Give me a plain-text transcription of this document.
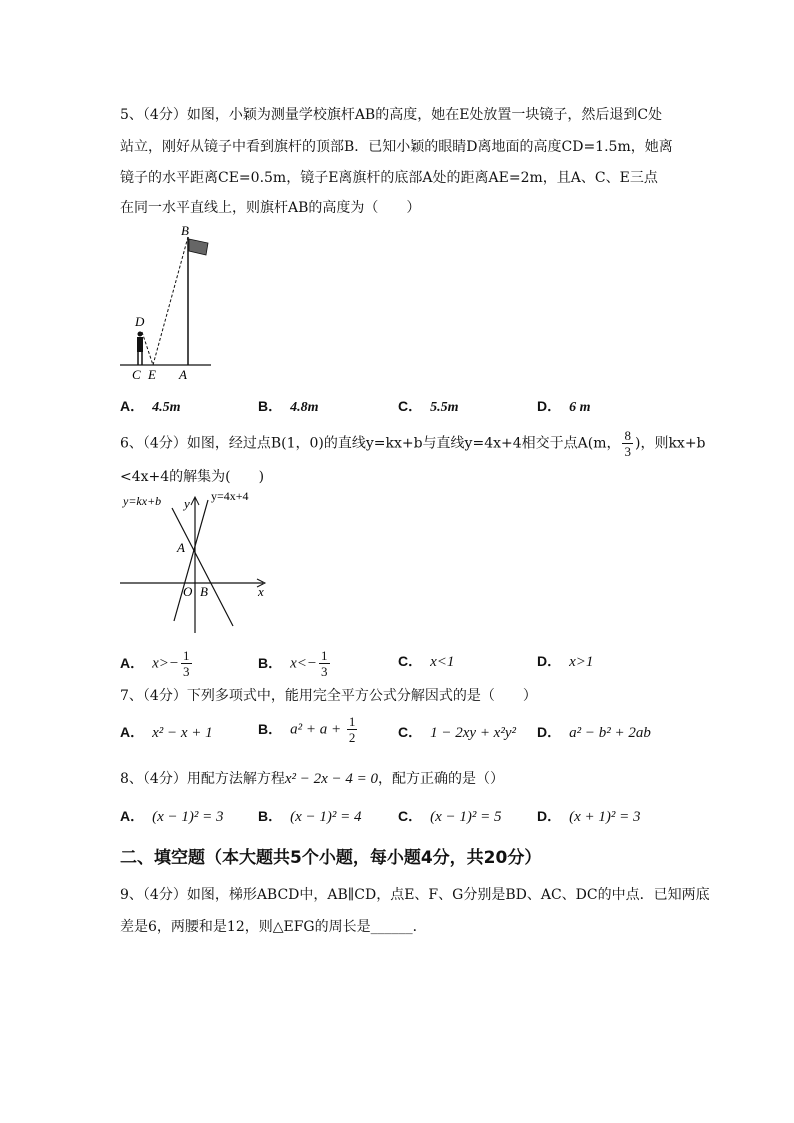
5、（4分）如图，小颖为测量学校旗杆AB的高度，她在E处放置一块镜子，然后退到C处
站立，刚好从镜子中看到旗杆的顶部B．已知小颖的眼睛D离地面的高度CD=1.5m，她离
镜子的水平距离CE=0.5m，镜子E离旗杆的底部A处的距离AE=2m，且A、C、E三点
在同一水平直线上，则旗杆AB的高度为（　　）
B
D
C E A
A． 4.5m	B． 4.8m	C． 5.5m	D． 6 m
6、（4分）如图，经过点B(1，0)的直线y=kx+b与直线y=4x+4相交于点A(m， $\frac{8}{3}$ )，则kx+b
<4x+4的解集为(　　)
y=kx+b y y=4x+4
A
O B	x
A． $x>- \frac{1}{3}$	B． $x<- \frac{1}{3}$	C． x<1	D． x>1
7、（4分）下列多项式中，能用完全平方公式分解因式的是（　　）
A． x² − x + 1	B． $a^2 + a + \frac{1}{2}$	C． 1 − 2xy + x²y² D． a² − b² + 2ab
8、（4分）用配方法解方程x² − 2x − 4 = 0，配方正确的是（）
A． (x − 1)² = 3 B． (x − 1)² = 4	C． (x − 1)² = 5	D． (x + 1)² = 3
二、填空题（本大题共5个小题，每小题4分，共20分）
9、（4分）如图，梯形ABCD中，AB∥CD，点E、F、G分别是BD、AC、DC的中点．已知两底
差是6，两腰和是12，则△EFG的周长是______．
